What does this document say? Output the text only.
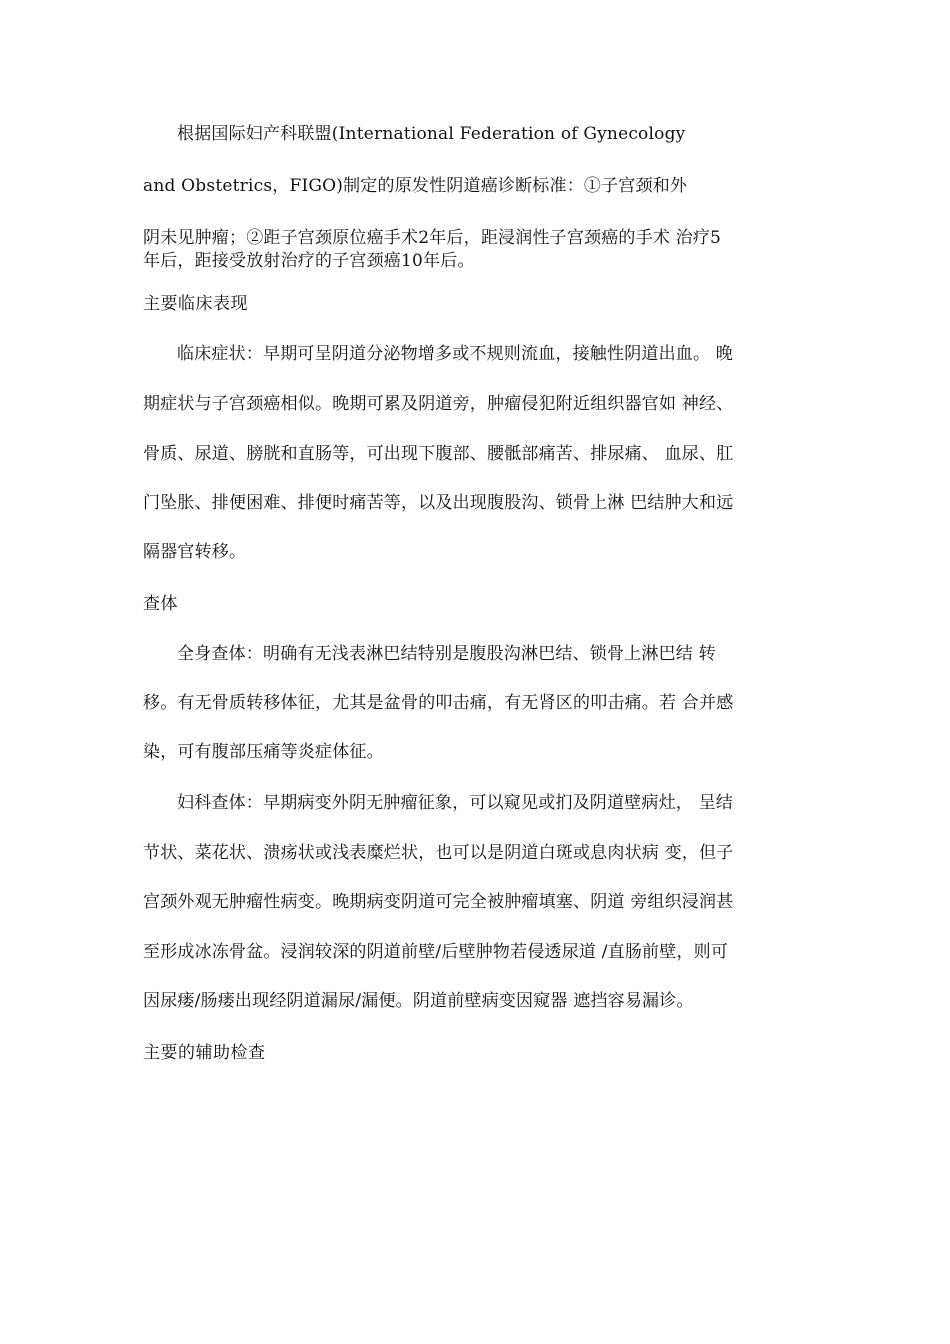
根据国际妇产科联盟(International Federation of Gynecology
and Obstetrics，FIGO)制定的原发性阴道癌诊断标准：①子宫颈和外
阴未见肿瘤；②距子宫颈原位癌手术2年后，距浸润性子宫颈癌的手术 治疗5
年后，距接受放射治疗的子宫颈癌10年后。
主要临床表现
临床症状：早期可呈阴道分泌物增多或不规则流血，接触性阴道出血。 晚
期症状与子宫颈癌相似。晚期可累及阴道旁，肿瘤侵犯附近组织器官如 神经、
骨质、尿道、膀胱和直肠等，可出现下腹部、腰骶部痛苦、排尿痛、 血尿、肛
门坠胀、排便困难、排便时痛苦等，以及出现腹股沟、锁骨上淋 巴结肿大和远
隔器官转移。
查体
全身查体：明确有无浅表淋巴结特别是腹股沟淋巴结、锁骨上淋巴结 转
移。有无骨质转移体征，尤其是盆骨的叩击痛，有无肾区的叩击痛。若 合并感
染，可有腹部压痛等炎症体征。
妇科查体：早期病变外阴无肿瘤征象，可以窥见或扪及阴道壁病灶， 呈结
节状、菜花状、溃疡状或浅表糜烂状，也可以是阴道白斑或息肉状病 变，但子
宫颈外观无肿瘤性病变。晚期病变阴道可完全被肿瘤填塞、阴道 旁组织浸润甚
至形成冰冻骨盆。浸润较深的阴道前壁/后壁肿物若侵透尿道 /直肠前壁，则可
因尿瘘/肠瘘出现经阴道漏尿/漏便。阴道前壁病变因窥器 遮挡容易漏诊。
主要的辅助检查
